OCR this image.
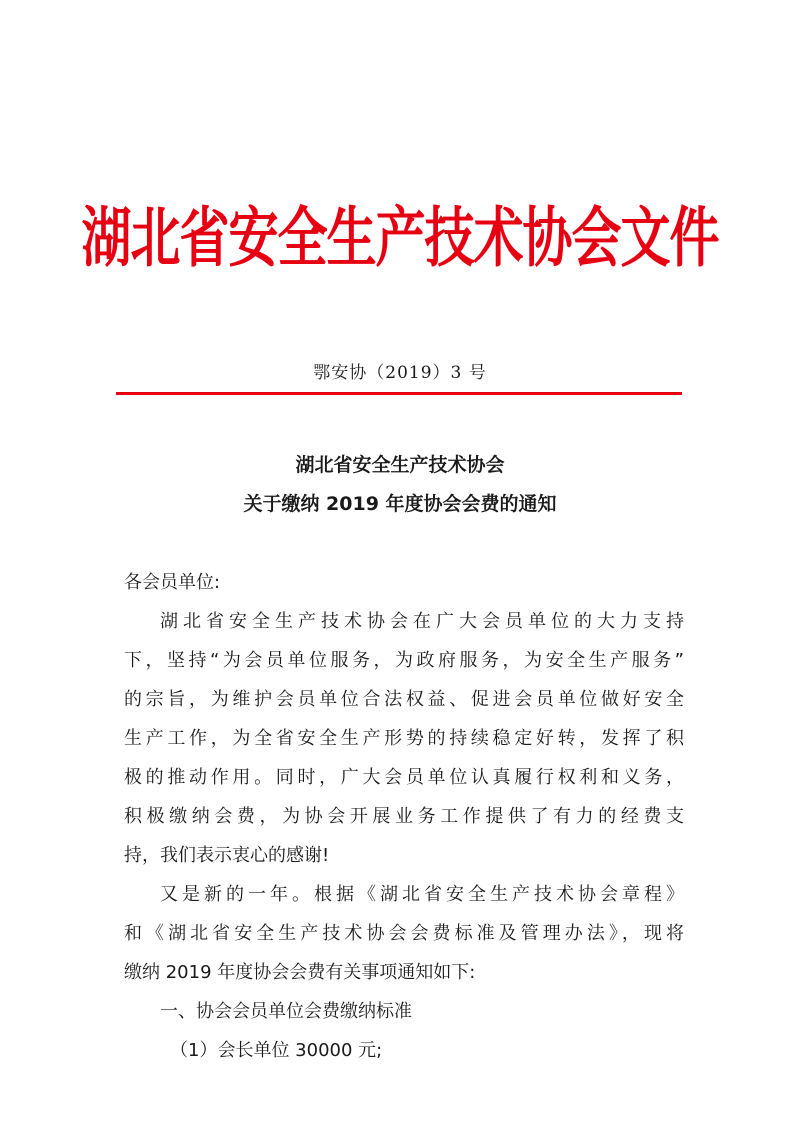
湖北省安全生产技术协会文件
鄂安协（2019）3 号
湖北省安全生产技术协会
关于缴纳 2019 年度协会会费的通知
各会员单位:
湖北省安全生产技术协会在广大会员单位的大力支持
下，坚持“为会员单位服务，为政府服务，为安全生产服务”
的宗旨，为维护会员单位合法权益、促进会员单位做好安全
生产工作，为全省安全生产形势的持续稳定好转，发挥了积
极的推动作用。同时，广大会员单位认真履行权利和义务，
积极缴纳会费，为协会开展业务工作提供了有力的经费支
持，我们表示衷心的感谢!
又是新的一年。根据《湖北省安全生产技术协会章程》
和《湖北省安全生产技术协会会费标准及管理办法》，现将
缴纳 2019 年度协会会费有关事项通知如下:
一、协会会员单位会费缴纳标准
（1）会长单位 30000 元;
